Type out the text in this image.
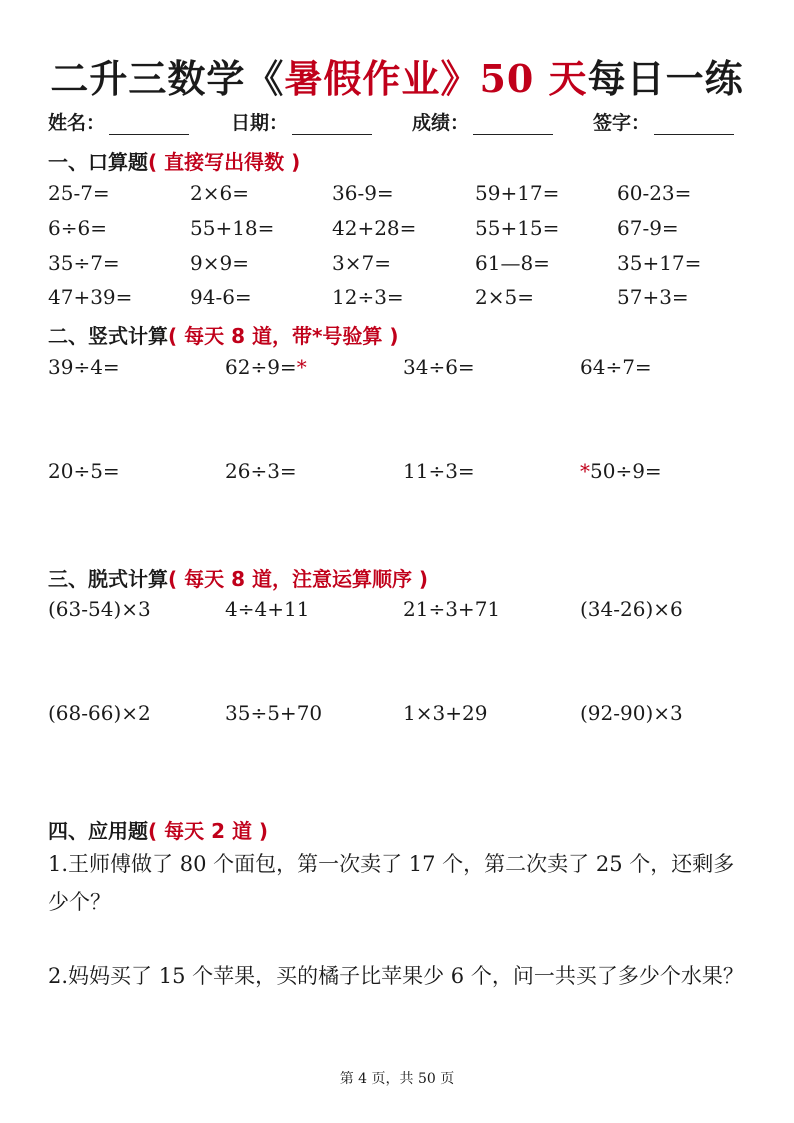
二升三数学《暑假作业》50 天每日一练
姓名：	日期：	成绩：	签字：
一、口算题( 直接写出得数 )
25-7=	2×6=	36-9=	59+17=	60-23=
6÷6=	55+18=	42+28=	55+15=	67-9=
35÷7=	9×9=	3×7=	61—8=	35+17=
47+39=	94-6=	12÷3=	2×5=	57+3=
二、竖式计算( 每天 8 道，带*号验算 )
39÷4=	62÷9=*	34÷6=	64÷7=
20÷5=	26÷3=	11÷3=	*50÷9=
三、脱式计算( 每天 8 道，注意运算顺序 )
(63-54)×3	4÷4+11	21÷3+71	(34-26)×6
(68-66)×2	35÷5+70	1×3+29	(92-90)×3
四、应用题( 每天 2 道 )
1.王师傅做了 80 个面包，第一次卖了 17 个，第二次卖了 25 个，还剩多少个？
2.妈妈买了 15 个苹果，买的橘子比苹果少 6 个，问一共买了多少个水果？
第 4 页，共 50 页
